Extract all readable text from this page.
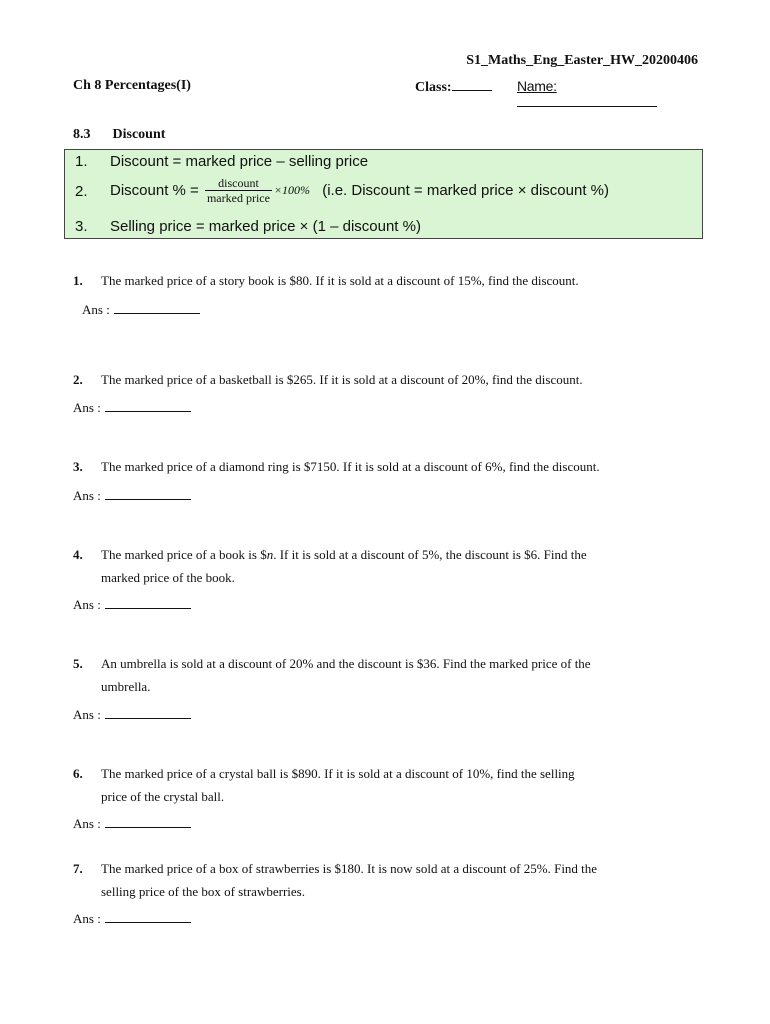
S1_Maths_Eng_Easter_HW_20200406
Ch 8 Percentages(I)	Class:	Name:
8.3 Discount
1. Discount = marked price – selling price
2. Discount % = $\frac{\text{discount}}{\text{marked price}} \times 100\%$ (i.e. Discount = marked price × discount %)
3. Selling price = marked price × (1 – discount %)
1. The marked price of a story book is $80. If it is sold at a discount of 15%, find the discount.
Ans :
2. The marked price of a basketball is $265. If it is sold at a discount of 20%, find the discount.
Ans :
3. The marked price of a diamond ring is $7150. If it is sold at a discount of 6%, find the discount.
Ans :
4. The marked price of a book is $n. If it is sold at a discount of 5%, the discount is $6. Find the
marked price of the book.
Ans :
5. An umbrella is sold at a discount of 20% and the discount is $36. Find the marked price of the
umbrella.
Ans :
6. The marked price of a crystal ball is $890. If it is sold at a discount of 10%, find the selling
price of the crystal ball.
Ans :
7. The marked price of a box of strawberries is $180. It is now sold at a discount of 25%. Find the
selling price of the box of strawberries.
Ans :
